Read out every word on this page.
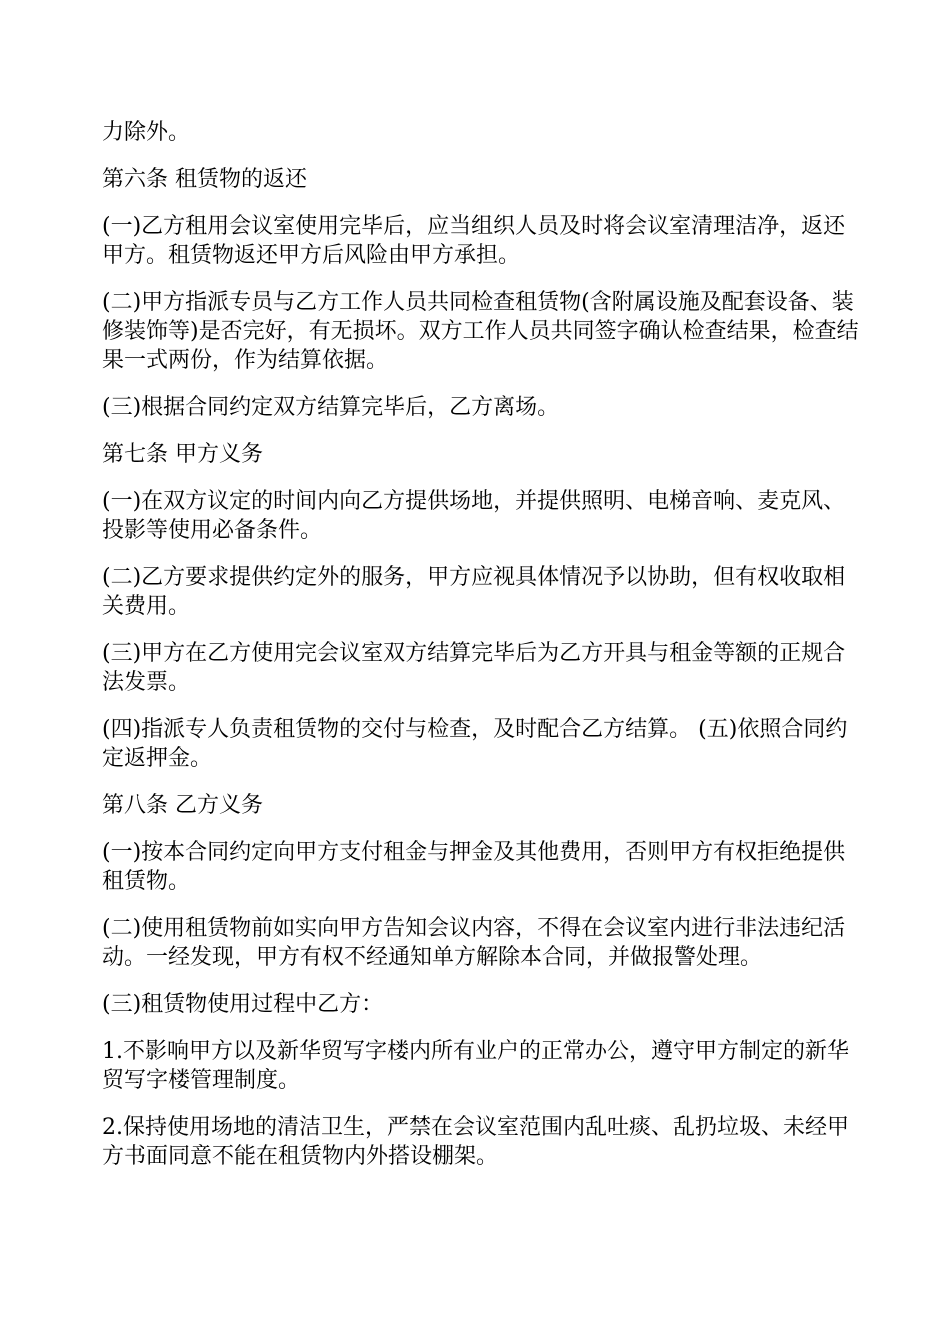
力除外。

第六条 租赁物的返还

(一)乙方租用会议室使用完毕后，应当组织人员及时将会议室清理洁净，返还甲方。租赁物返还甲方后风险由甲方承担。

(二)甲方指派专员与乙方工作人员共同检查租赁物(含附属设施及配套设备、装修装饰等)是否完好，有无损坏。双方工作人员共同签字确认检查结果，检查结果一式两份，作为结算依据。

(三)根据合同约定双方结算完毕后，乙方离场。

第七条 甲方义务

(一)在双方议定的时间内向乙方提供场地，并提供照明、电梯音响、麦克风、投影等使用必备条件。

(二)乙方要求提供约定外的服务，甲方应视具体情况予以协助，但有权收取相关费用。

(三)甲方在乙方使用完会议室双方结算完毕后为乙方开具与租金等额的正规合法发票。

(四)指派专人负责租赁物的交付与检查，及时配合乙方结算。 (五)依照合同约定返押金。

第八条 乙方义务

(一)按本合同约定向甲方支付租金与押金及其他费用，否则甲方有权拒绝提供租赁物。

(二)使用租赁物前如实向甲方告知会议内容，不得在会议室内进行非法违纪活动。一经发现，甲方有权不经通知单方解除本合同，并做报警处理。

(三)租赁物使用过程中乙方：

1.不影响甲方以及新华贸写字楼内所有业户的正常办公，遵守甲方制定的新华贸写字楼管理制度。

2.保持使用场地的清洁卫生，严禁在会议室范围内乱吐痰、乱扔垃圾、未经甲方书面同意不能在租赁物内外搭设棚架。
